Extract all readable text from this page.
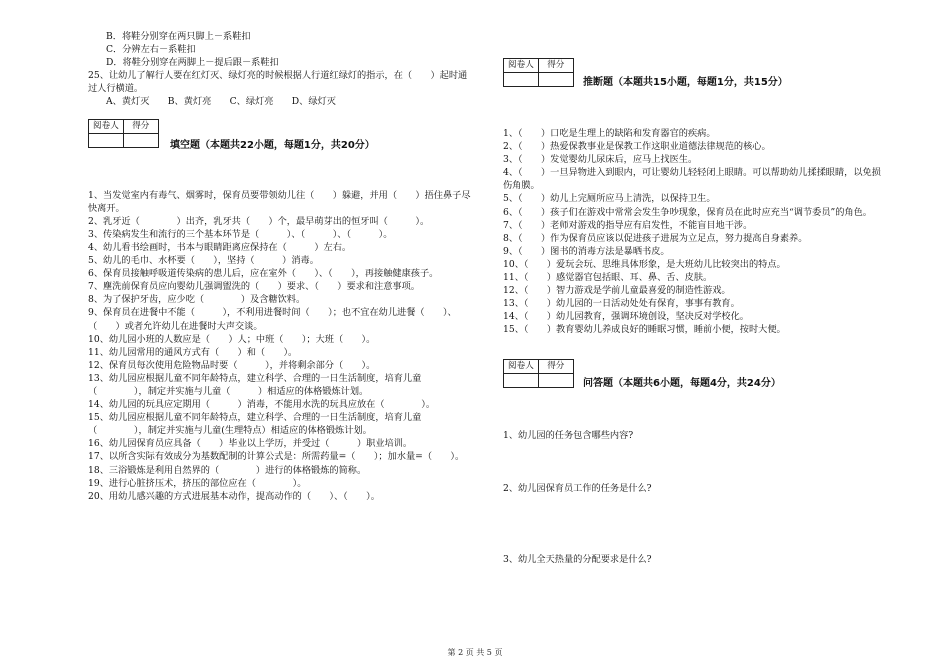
B．将鞋分别穿在两只脚上－系鞋扣
C．分辨左右－系鞋扣
D．将鞋分别穿在两脚上－提后跟－系鞋扣
25、让幼儿了解行人要在红灯灭、绿灯亮的时候根据人行道红绿灯的指示，在（　　）起时通过人行横道。
A、黄灯灭　　B、黄灯亮　　C、绿灯亮　　D、绿灯灭
阅卷人	得分

填空题（本题共22小题，每题1分，共20分）
1、当发觉室内有毒气、烟雾时，保育员要带领幼儿往（　　）躲避，并用（　　）捂住鼻子尽快离开。
2、乳牙近（　　　　）出齐，乳牙共（　　）个，最早萌芽出的恒牙叫（　　　）。
3、传染病发生和流行的三个基本环节是（　　　）、（　　　）、（　　　）。
4、幼儿看书绘画时，书本与眼睛距离应保持在（　　　）左右。
5、幼儿的毛巾、水杯要（　　），坚持（　　　）消毒。
6、保育员接触呼吸道传染病的患儿后，应在室外（　　）、（　　），再接触健康孩子。
7、塵洗前保育员应向婴幼儿强调盥洗的（　　）要求、（　　）要求和注意事项。
8、为了保护牙齿，应少吃（　　　　）及含糖饮料。
9、保育员在进餐中不能（　　　），不利用进餐时间（　　）；也不宜在幼儿进餐（　　）、（　　）或者允许幼儿在进餐时大声交谈。
10、幼儿园小班的人数应是（　　）人；中班（　　）；大班（　　）。
11、幼儿园常用的通风方式有（　　）和（　　）。
12、保育员每次使用危险物品时要（　　　），并将剩余部分（　　）。
13、幼儿园应根据儿童不同年龄特点，建立科学、合理的一日生活制度，培育儿童（　　　　），制定并实施与儿童（　　　）相适应的体格锻炼计划。
14、幼儿园的玩具应定期用（　　　）消毒，不能用水洗的玩具应放在（　　　　）。
15、幼儿园应根据儿童不同年龄特点，建立科学、合理的一日生活制度，培育儿童（　　　　），制定并实施与儿童(生理特点）相适应的体格锻炼计划。
16、幼儿园保育员应具备（　　）毕业以上学历，并受过（　　　）职业培训。
17、以所含实际有效成分为基数配制的计算公式是：所需药量=（　　）；加水量=（　　）。
18、三浴锻炼是利用自然界的（　　　　）进行的体格锻炼的简称。
19、进行心脏挤压术，挤压的部位应在（　　　　）。
20、用幼儿感兴趣的方式进展基本动作，提高动作的（　　）、（　　）。
阅卷人	得分

推断题（本题共15小题，每题1分，共15分）
1、（　　）口吃是生理上的缺陷和发育器官的疾病。
2、（　　）热爱保教事业是保教工作这职业道德法律规范的核心。
3、（　　）发觉婴幼儿尿床后，应马上找医生。
4、（　　）一旦异物进入到眼内，可让婴幼儿轻轻闭上眼睛。可以帮助幼儿揉揉眼睛，以免损伤角膜。
5、（　　）幼儿上完厕所应马上清洗，以保持卫生。
6、（　　）孩子们在游戏中常常会发生争吵现象，保育员在此时应充当“调节委员”的角色。
7、（　　）老师对游戏的指导应有启发性，不能盲目地干涉。
8、（　　）作为保育员应该以促进孩子进展为立足点，努力提高自身素养。
9、（　　）图书的消毒方法是暴晒书皮。
10、（　　）爱玩会玩、思维具体形象，是大班幼儿比较突出的特点。
11、（　　）感觉器官包括眼、耳、鼻、舌、皮肤。
12、（　　）智力游戏是学前儿童最喜爱的制造性游戏。
13、（　　）幼儿园的一日活动处处有保育，事事有教育。
14、（　　）幼儿园教育，强调环境创设，坚决反对学校化。
15、（　　）教育婴幼儿养成良好的睡眠习惯，睡前小便，按时大便。
阅卷人	得分

问答题（本题共6小题，每题4分，共24分）
1、幼儿园的任务包含哪些内容?
2、幼儿园保育员工作的任务是什么?
3、幼儿全天热量的分配要求是什么?
第 2 页 共 5 页
